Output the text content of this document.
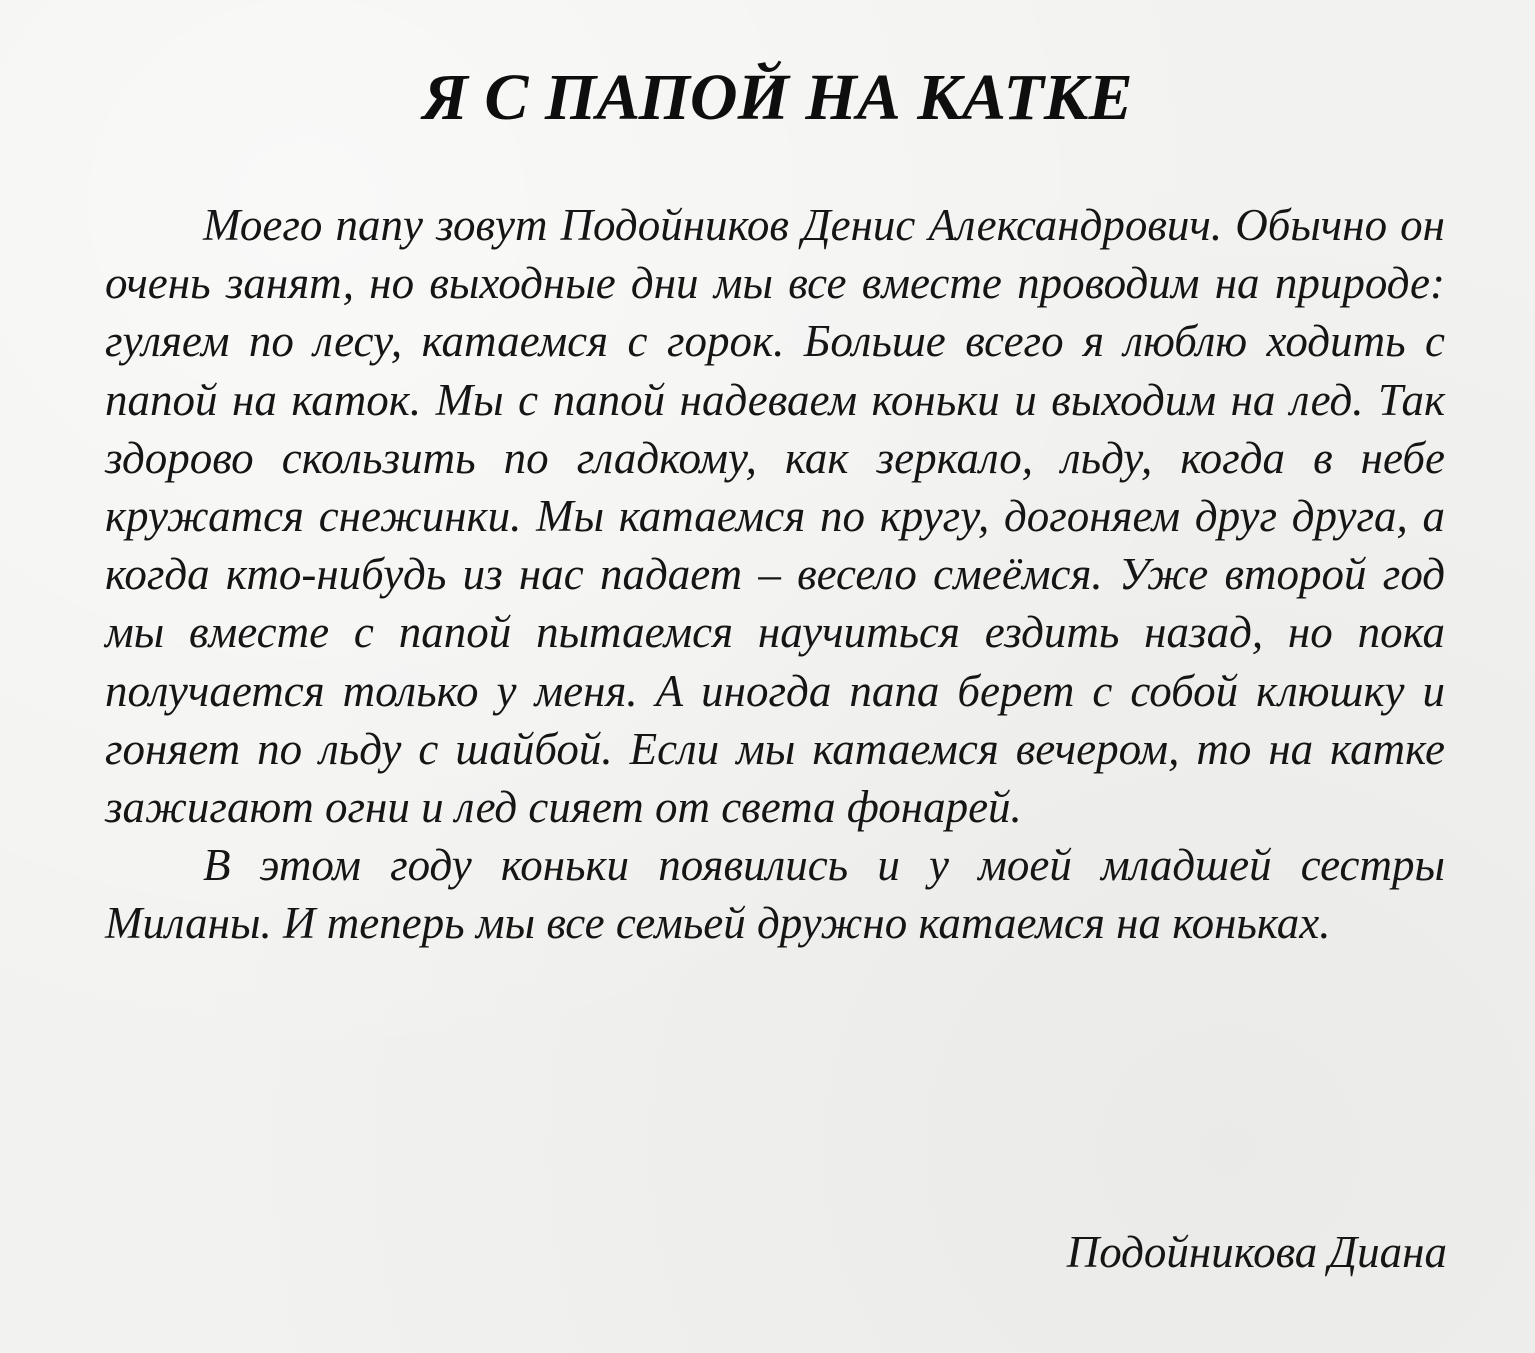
Я С ПАПОЙ НА КАТКЕ

Моего папу зовут Подойников Денис Александрович. Обычно он очень занят, но выходные дни мы все вместе проводим на природе: гуляем по лесу, катаемся с горок. Больше всего я люблю ходить с папой на каток. Мы с папой надеваем коньки и выходим на лед. Так здорово скользить по гладкому, как зеркало, льду, когда в небе кружатся снежинки. Мы катаемся по кругу, догоняем друг друга, а когда кто-нибудь из нас падает – весело смеёмся. Уже второй год мы вместе с папой пытаемся научиться ездить назад, но пока получается только у меня. А иногда папа берет с собой клюшку и гоняет по льду с шайбой. Если мы катаемся вечером, то на катке зажигают огни и лед сияет от света фонарей.

В этом году коньки появились и у моей младшей сестры Миланы. И теперь мы все семьей дружно катаемся на коньках.

Подойникова Диана
